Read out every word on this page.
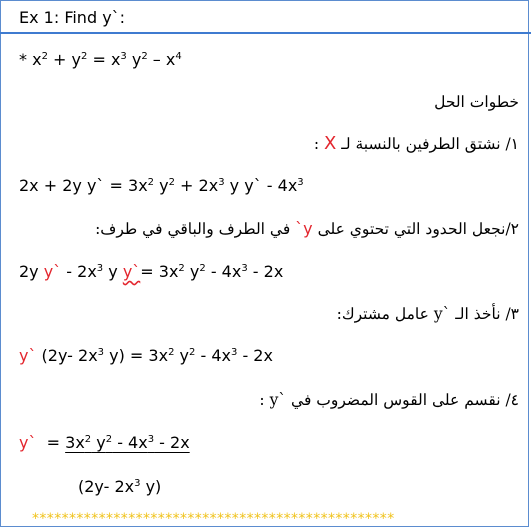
Ex 1: Find y`:
* $x^2 + y^2 = x^3$ $y^2 - x^4$
خطوات الحل
١/ نشتق الطرفين بالنسبة لـ X :
2x + 2y y` = $3x^2$ $y^2 + 2x^3$ y y` - $4x^3$
٢/نجعل الحدود التي تحتوي على y` في الطرف والباقي في طرف:
2y y` - $2x^3$ y y`= $3x^2$ $y^2 - 4x^3 - 2x$
٣/ نأخذ الـ `y عامل مشترك:
y` (2y- $2x^3$ $y) = 3x^2$ $y^2 - 4x^3 - 2x$
٤/ نقسم على القوس المضروب في `y :
y`  = $3x^2$ $y^2 - 4x^3 - 2x$
(2y- $2x^3$ y)
*************************************************
